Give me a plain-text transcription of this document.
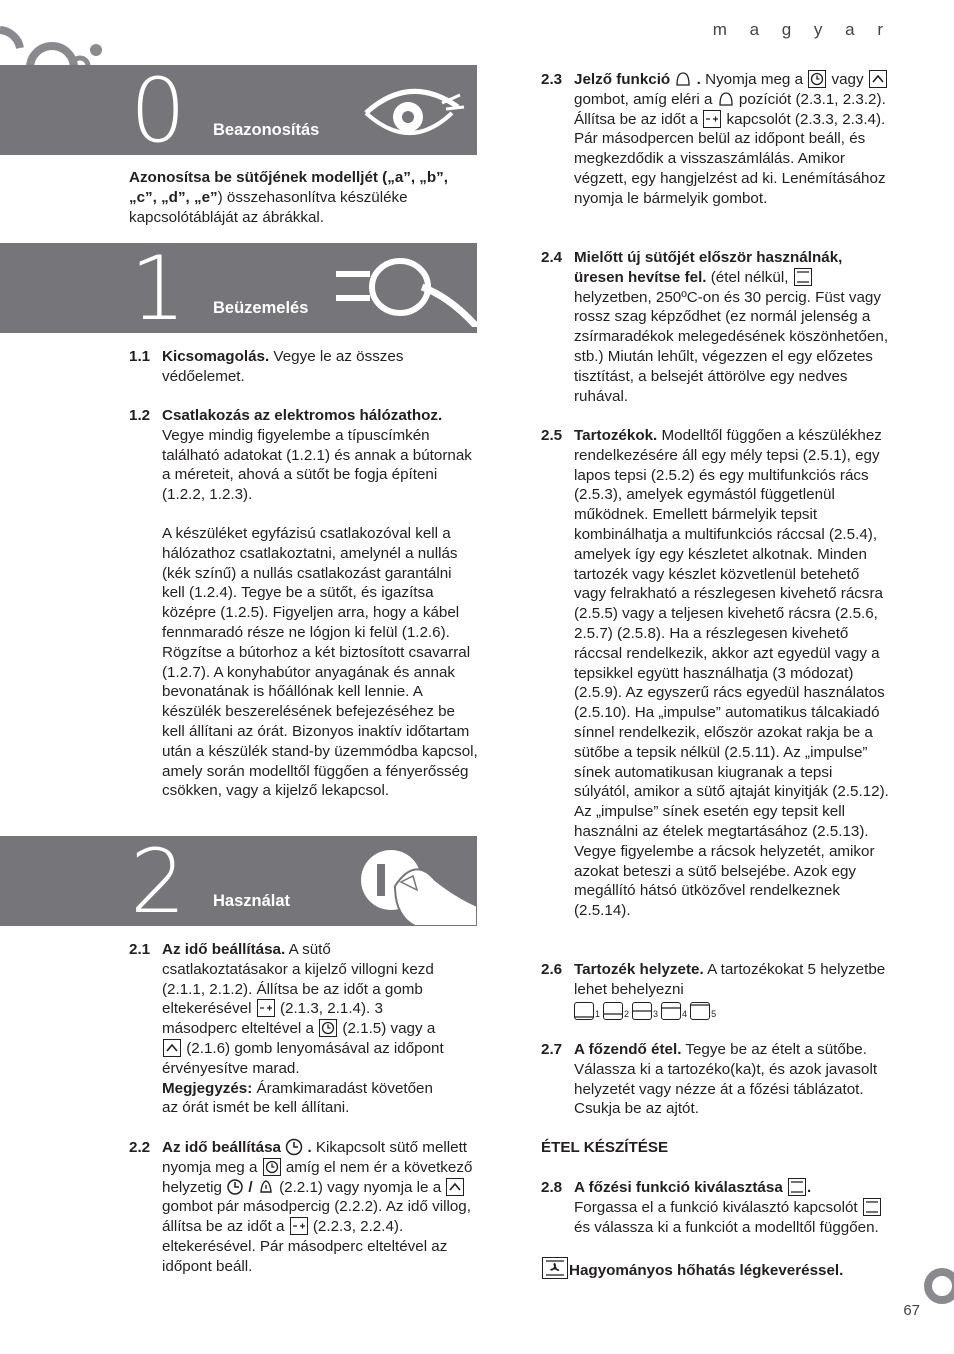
m a g y a r
67
0 Beazonosítás
Azonosítsa be sütőjének modelljét („a”, „b”, „c”, „d”, „e”) összehasonlítva készüléke kapcsolótábláját az ábrákkal.
1 Beüzemelés
1.1 Kicsomagolás. Vegye le az összes védőelemet.
1.2 Csatlakozás az elektromos hálózathoz. Vegye mindig figyelembe a típuscímkén található adatokat (1.2.1) és annak a bútornak a méreteit, ahová a sütőt be fogja építeni (1.2.2, 1.2.3).
A készüléket egyfázisú csatlakozóval kell a hálózathoz csatlakoztatni, amelynél a nullás (kék színű) a nullás csatlakozást garantálni kell (1.2.4). Tegye be a sütőt, és igazítsa középre (1.2.5). Figyeljen arra, hogy a kábel fennmaradó része ne lógjon ki felül (1.2.6). Rögzítse a bútorhoz a két biztosított csavarral (1.2.7). A konyhabútor anyagának és annak bevonatának is hőállónak kell lennie. A készülék beszerelésének befejezéséhez be kell állítani az órát. Bizonyos inaktív időtartam után a készülék stand-by üzemmódba kapcsol, amely során modelltől függően a fényerősség csökken, vagy a kijelző lekapcsol.
2 Használat
2.1 Az idő beállítása. A sütő csatlakoztatásakor a kijelző villogni kezd (2.1.1, 2.1.2). Állítsa be az időt a gomb eltekerésével
(2.1.3, 2.1.4). 3 másodperc elteltével a
(2.1.5) vagy a
(2.1.6) gomb lenyomásával az időpont érvényesítve marad.
Megjegyzés: Áramkimaradást követően az órát ismét be kell állítani.
2.2 Az idő beállítása  . Kikapcsolt sütő mellett nyomja meg a
amíg el nem ér a következő helyzetig  /  (2.2.1) vagy nyomja le a
gombot pár másodpercig (2.2.2). Az idő villog, állítsa be az időt a
(2.2.3, 2.2.4). eltekerésével. Pár másodperc elteltével az időpont beáll.
2.3 Jelző funkció  . Nyomja meg a
vagy
gombot, amíg eléri a  pozíciót (2.3.1, 2.3.2). Állítsa be az időt a
kapcsolót (2.3.3, 2.3.4). Pár másodpercen belül az időpont beáll, és megkezdődik a visszaszámlálás. Amikor végzett, egy hangjelzést ad ki. Lenémításához nyomja le bármelyik gombot.
2.4 Mielőtt új sütőjét először használnák, üresen hevítse fel. (étel nélkül,
helyzetben, 250ºC-on és 30 percig. Füst vagy rossz szag képződhet (ez normál jelenség a zsírmaradékok melegedésének köszönhetően, stb.) Miután lehűlt, végezzen el egy előzetes tisztítást, a belsejét áttörölve egy nedves ruhával.
2.5 Tartozékok. Modelltől függően a készülékhez rendelkezésére áll egy mély tepsi (2.5.1), egy lapos tepsi (2.5.2) és egy multifunkciós rács (2.5.3), amelyek egymástól függetlenül működnek. Emellett bármelyik tepsit kombinálhatja a multifunkciós ráccsal (2.5.4), amelyek így egy készletet alkotnak. Minden tartozék vagy készlet közvetlenül betehető vagy felrakható a részlegesen kivehető rácsra (2.5.5) vagy a teljesen kivehető rácsra (2.5.6, 2.5.7) (2.5.8). Ha a részlegesen kivehető ráccsal rendelkezik, akkor azt egyedül vagy a tepsikkel együtt használhatja (3 módozat) (2.5.9). Az egyszerű rács egyedül használatos (2.5.10). Ha „impulse” automatikus tálcakiadó sínnel rendelkezik, először azokat rakja be a sütőbe a tepsik nélkül (2.5.11). Az „impulse” sínek automatikusan kiugranak a tepsi súlyától, amikor a sütő ajtaját kinyitják (2.5.12).
Az „impulse” sínek esetén egy tepsit kell használni az ételek megtartásához (2.5.13). Vegye figyelembe a rácsok helyzetét, amikor azokat beteszi a sütő belsejébe. Azok egy megállító hátsó ütközővel rendelkeznek (2.5.14).
2.6 Tartozék helyzete. A tartozékokat 5 helyzetbe lehet behelyezni
1	2	3	4	5
2.7 A főzendő étel. Tegye be az ételt a sütőbe. Válassza ki a tartozéko(ka)t, és azok javasolt helyzetét vagy nézze át a főzési táblázatot. Csukja be az ajtót.
ÉTEL KÉSZÍTÉSE
2.8 A főzési funkció kiválasztása .
Forgassa el a funkció kiválasztó kapcsolót
és válassza ki a funkciót a modelltől függően.
Hagyományos hőhatás légkeveréssel.
